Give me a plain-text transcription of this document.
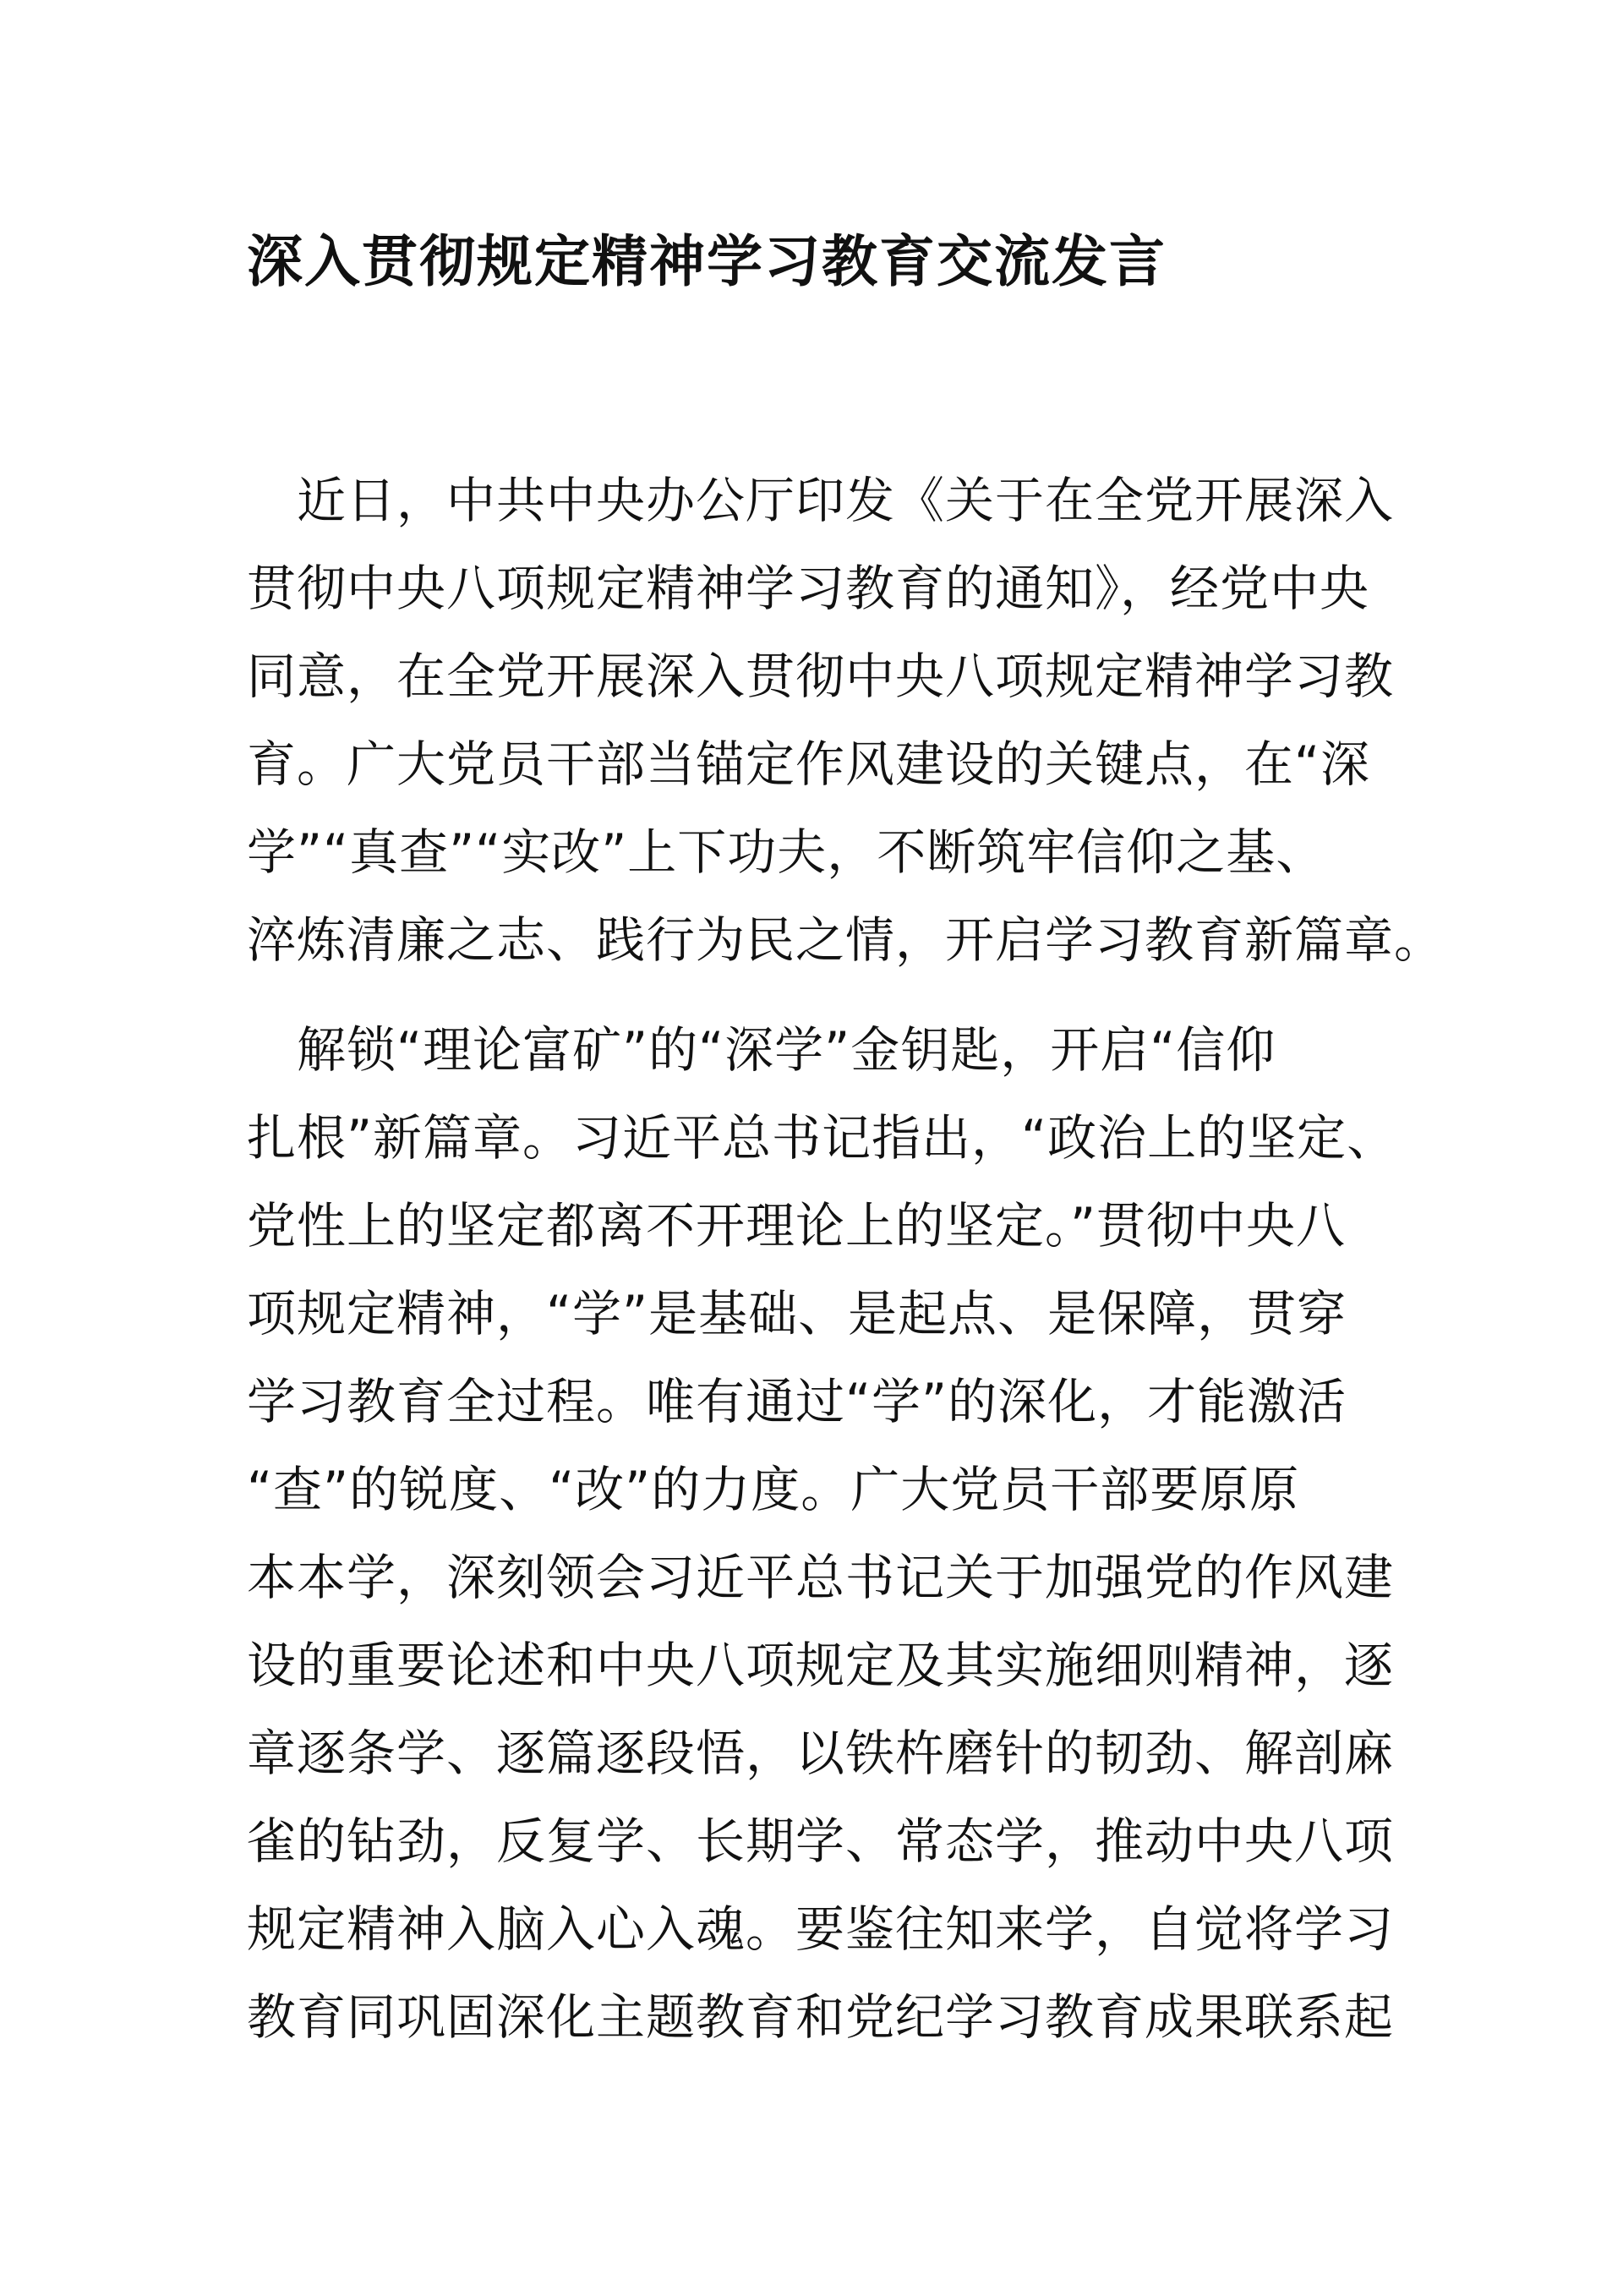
深入贯彻规定精神学习教育交流发言
　近日，中共中央办公厅印发《关于在全党开展深入
贯彻中央八项规定精神学习教育的通知》，经党中央
同意，在全党开展深入贯彻中央八项规定精神学习教
育。广大党员干部当锚定作风建设的关键点，在“深
学”“真查”“实改”上下功夫，不断筑牢信仰之基、
淬炼清廉之志、践行为民之情，开启学习教育新篇章。
　解锁“理论富矿”的“深学”金钥匙，开启“信仰
扎根”新篇章。习近平总书记指出，“政治上的坚定、
党性上的坚定都离不开理论上的坚定。”贯彻中央八
项规定精神，“学”是基础、是起点、是保障，贯穿
学习教育全过程。唯有通过“学”的深化，才能激活
“查”的锐度、“改”的力度。广大党员干部要原原
本本学，深刻领会习近平总书记关于加强党的作风建
设的重要论述和中央八项规定及其实施细则精神，逐
章逐条学、逐篇逐段悟，以铁杵磨针的韧劲、解剖麻
雀的钻劲，反复学、长期学、常态学，推动中央八项
规定精神入脑入心入魂。要鉴往知来学，自觉将学习
教育同巩固深化主题教育和党纪学习教育成果联系起
